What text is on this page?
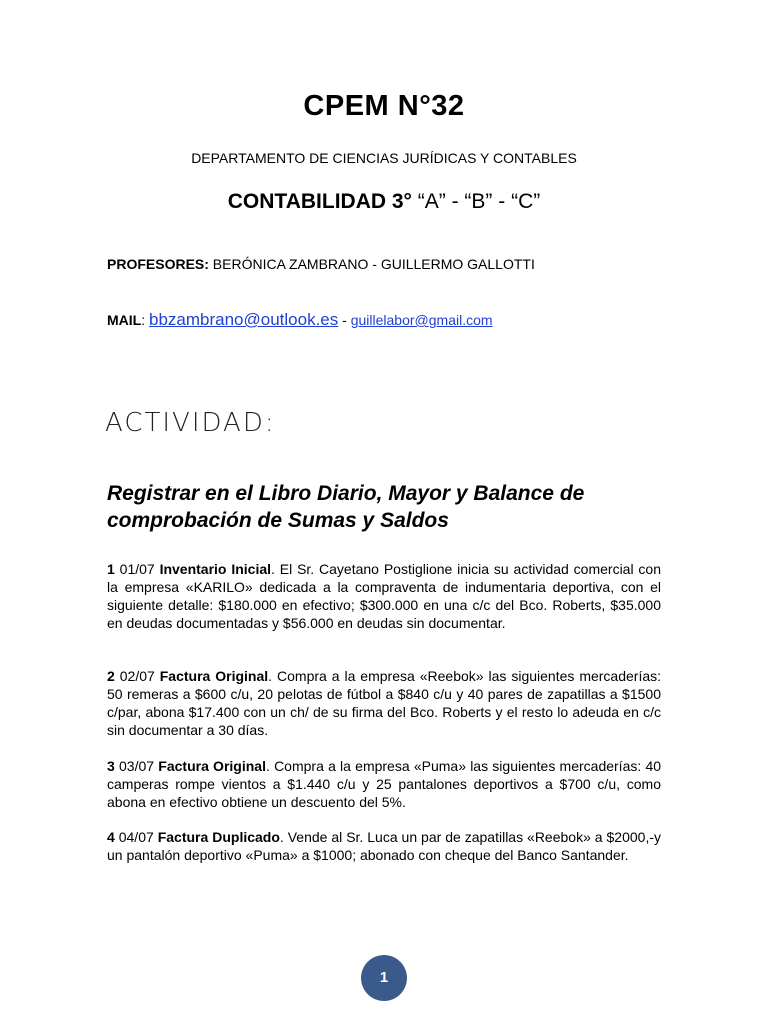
CPEM N°32
DEPARTAMENTO DE CIENCIAS JURÍDICAS Y CONTABLES
CONTABILIDAD 3° “A” - “B” - “C”
PROFESORES: BERÓNICA ZAMBRANO - GUILLERMO GALLOTTI
MAIL: bbzambrano@outlook.es - guillelabor@gmail.com
ACTIVIDAD:
Registrar en el Libro Diario, Mayor y Balance de comprobación de Sumas y Saldos
1 01/07 Inventario Inicial. El Sr. Cayetano Postiglione inicia su actividad comercial con la empresa «KARILO» dedicada a la compraventa de indumentaria deportiva, con el siguiente detalle: $180.000 en efectivo; $300.000 en una c/c del Bco. Roberts, $35.000 en deudas documentadas y $56.000 en deudas sin documentar.
2 02/07 Factura Original. Compra a la empresa «Reebok» las siguientes mercaderías: 50 remeras a $600 c/u, 20 pelotas de fútbol a $840 c/u y 40 pares de zapatillas a $1500 c/par, abona $17.400 con un ch/ de su firma del Bco. Roberts y el resto lo adeuda en c/c sin documentar a 30 días.
3 03/07 Factura Original. Compra a la empresa «Puma» las siguientes mercaderías: 40 camperas rompe vientos a $1.440 c/u y 25 pantalones deportivos a $700 c/u, como abona en efectivo obtiene un descuento del 5%.
4 04/07 Factura Duplicado. Vende al Sr. Luca un par de zapatillas «Reebok» a $2000,-y un pantalón deportivo «Puma» a $1000; abonado con cheque del Banco Santander.
1
